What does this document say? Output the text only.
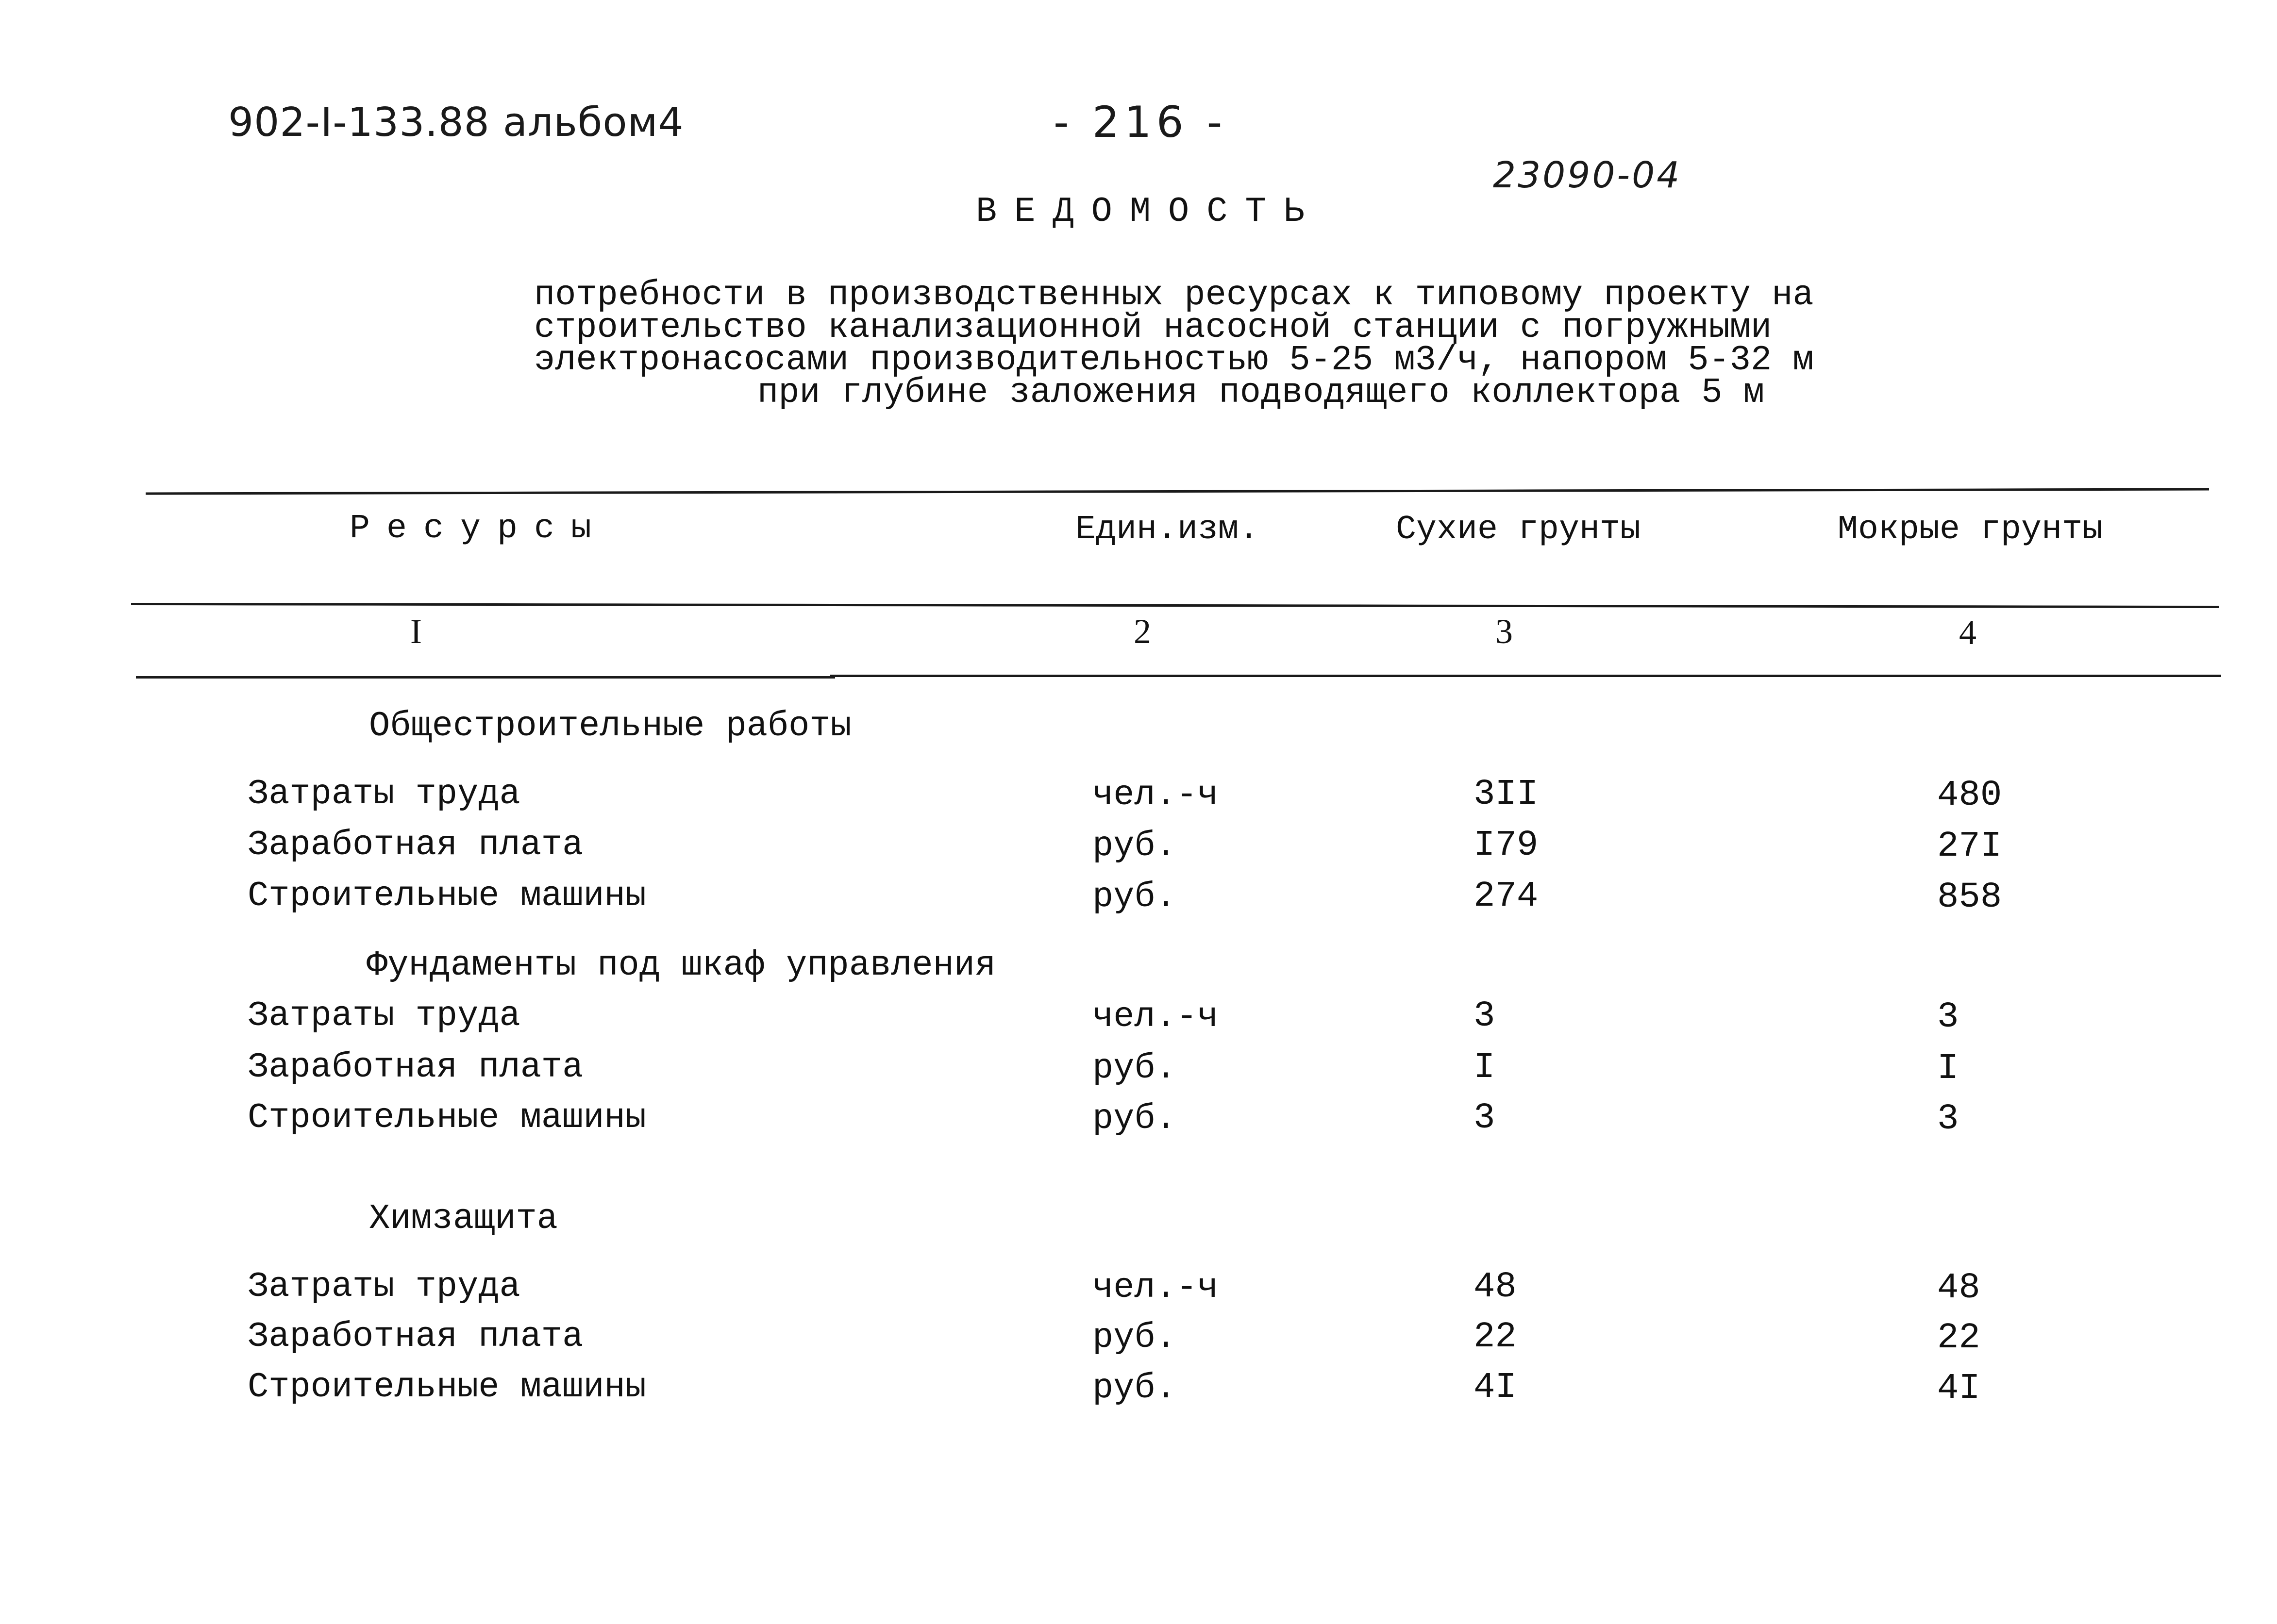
902-I-133.88 альбом4	- 216 -
23090-04
ВЕДОМОСТЬ
потребности в производственных ресурсах к типовому проекту на
строительство канализационной насосной станции с погружными
электронасосами производительностью 5-25 м3/ч, напором 5-32 м
при глубине заложения подводящего коллектора 5 м
Ресурсы	Един.изм.	Сухие грунты	Мокрые грунты
I	2	3	4
Общестроительные работы
Затраты труда	чел.-ч	3II	480
Заработная плата	руб.	I79	27I
Строительные машины	руб.	274	858
Фундаменты под шкаф управления
Затраты труда	чел.-ч	3	3
Заработная плата	руб.	I	I
Строительные машины	руб.	3	3
Химзащита
Затраты труда	чел.-ч	48	48
Заработная плата	руб.	22	22
Строительные машины	руб.	4I	4I
